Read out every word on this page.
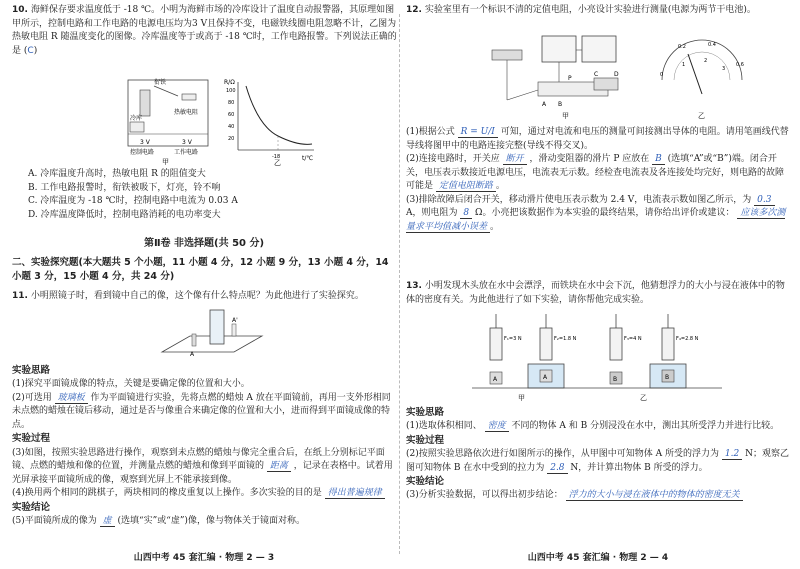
10. 海鲜保存要求温度低于 -18 ℃。小明为海鲜市场的冷库设计了温度自动报警器，其原理如图甲所示，控制电路和工作电路的电源电压均为3 V且保持不变，电磁铁线圈电阻忽略不计，乙图为热敏电阻 R 随温度变化的图像。冷库温度等于或高于 -18 ℃时，工作电路报警。下列说法正确的是 (C)

衔铁
热敏电阻
冷库
控制电路	工作电路
3 V	3 V
甲
R/Ω
t/℃
100
80
60
40
20
-18
乙

A. 冷库温度升高时，热敏电阻 R 的阻值变大

B. 工作电路报警时，衔铁被吸下，灯亮，铃不响

C. 冷库温度为 -18 ℃时，控制电路中电流为 0.03 A

D. 冷库温度降低时，控制电路消耗的电功率变大

第Ⅱ卷 非选择题(共 50 分)

二、实验探究题(本大题共 5 个小题，11 小题 4 分，12 小题 9 分，13 小题 4 分，14 小题 3 分，15 小题 4 分，共 24 分)

11. 小明照镜子时，看到镜中自己的像，这个像有什么特点呢？为此他进行了实验探究。

A
A'

实验思路

(1)探究平面镜成像的特点，关键是要确定像的位置和大小。

(2)可选用 玻璃板 作为平面镜进行实验，先将点燃的蜡烛 A 放在平面镜前，再用一支外形相同未点燃的蜡烛在镜后移动，通过是否与像重合来确定像的位置和大小，进而得到平面镜成像的特点。

实验过程

(3)如图，按照实验思路进行操作，观察到未点燃的蜡烛与像完全重合后，在纸上分别标记平面镜、点燃的蜡烛和像的位置，并测量点燃的蜡烛和像到平面镜的 距离 ，记录在表格中。试着用光屏承接平面镜所成的像，观察到光屏上不能承接到像。

(4)换用两个相同的跳棋子，两块相同的橡皮重复以上操作。多次实验的目的是 得出普遍规律

实验结论

(5)平面镜所成的像为 虚 (选填“实”或“虚”)像，像与物体关于镜面对称。

山西中考 45 套汇编 · 物理 2 — 3

12. 实验室里有一个标识不清的定值电阻，小亮设计实验进行测量(电源为两节干电池)。

P
A B
C	D
甲
0
0.2	0.4
0.6
1
2
3
乙

(1)根据公式 R = U/I 可知，通过对电流和电压的测量可间接测出导体的电阻。请用笔画线代替导线将图甲中的电路连接完整(导线不得交叉)。

(2)连接电路时，开关应 断开 ，滑动变阻器的滑片 P 应放在 B (选填“A”或“B”)端。闭合开关，电压表示数接近电源电压，电流表无示数。经检查电流表及各连接处均完好，则电路的故障可能是 定值电阻断路 。

(3)排除故障后闭合开关，移动滑片使电压表示数为 2.4 V，电流表示数如图乙所示，为 0.3 A，则电阻为 8 Ω。小亮把该数据作为本实验的最终结果，请你给出评价或建议： 应该多次测量求平均值减小误差 。

13. 小明发现木头放在水中会漂浮，而铁块在水中会下沉，他猜想浮力的大小与浸在液体中的物体的密度有关。为此他进行了如下实验，请你帮他完成实验。

F₁=3 N	F₂=1.8 N	F₃=4 N	F₄=2.8 N
A	A	B	B
甲	乙

实验思路

(1)选取体积相同、 密度 不同的物体 A 和 B 分别浸没在水中，测出其所受浮力并进行比较。

实验过程

(2)按照实验思路依次进行如图所示的操作，从甲图中可知物体 A 所受的浮力为 1.2 N；观察乙图可知物体 B 在水中受到的拉力为 2.8 N，并计算出物体 B 所受的浮力。

实验结论

(3)分析实验数据，可以得出初步结论： 浮力的大小与浸在液体中的物体的密度无关

山西中考 45 套汇编 · 物理 2 — 4
